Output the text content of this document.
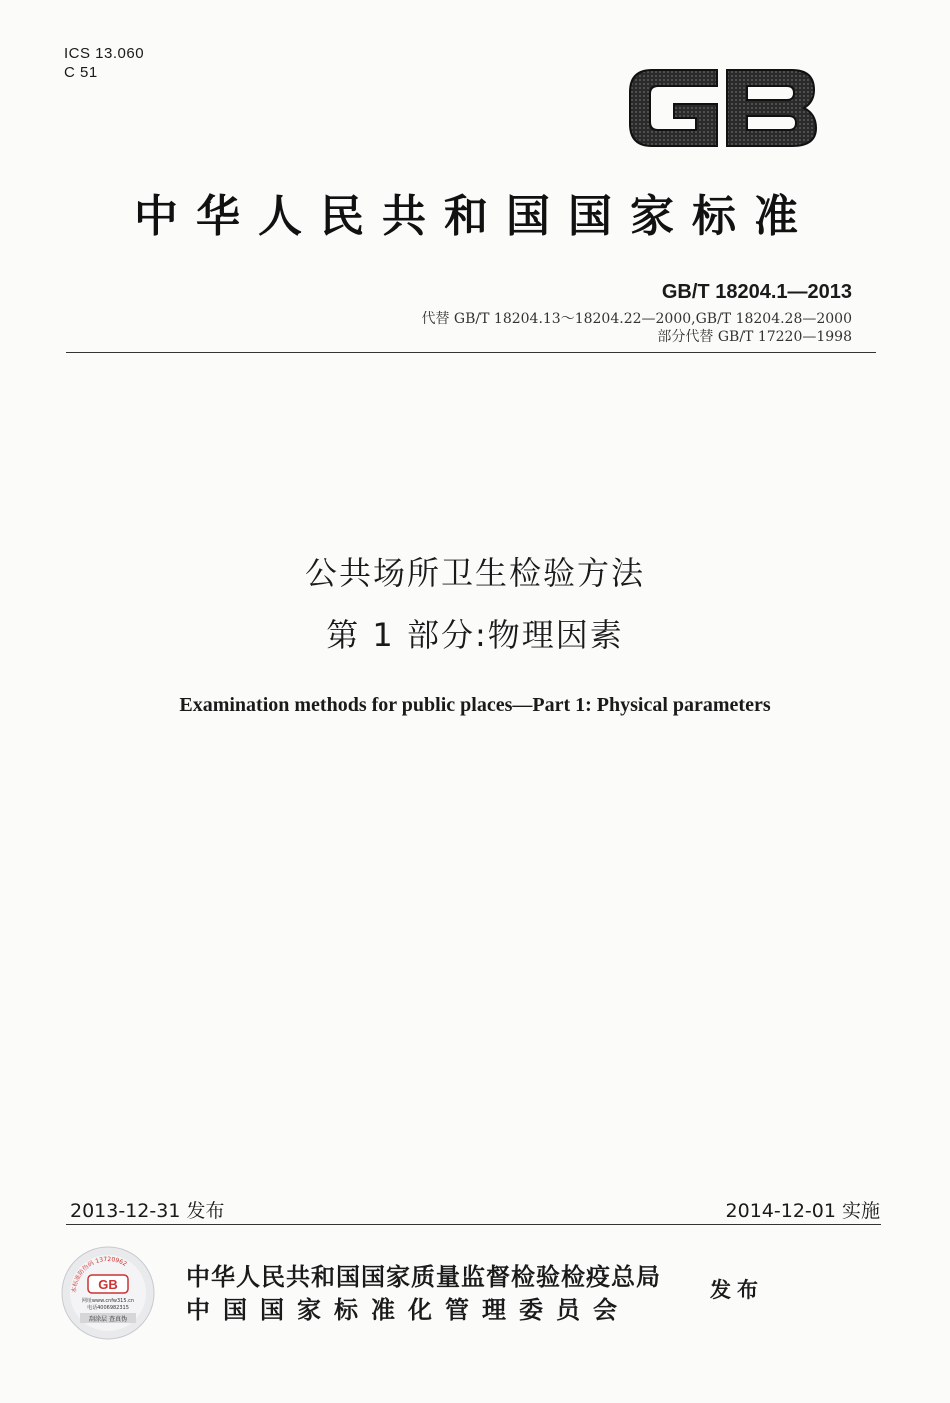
ICS 13.060
C 51
中华人民共和国国家标准
GB/T 18204.1—2013
代替 GB/T 18204.13～18204.22—2000,GB/T 18204.28—2000
部分代替 GB/T 17220—1998
公共场所卫生检验方法
第 1 部分:物理因素
Examination methods for public places—Part 1: Physical parameters
2013-12-31 发布	2014-12-01 实施
本标准防伪码 13720962
GB
网址www.cnfw315.cn
电话4006982315
刮涂层 查真伪
中华人民共和国国家质量监督检验检疫总局
中国国家标准化管理委员会
发布
